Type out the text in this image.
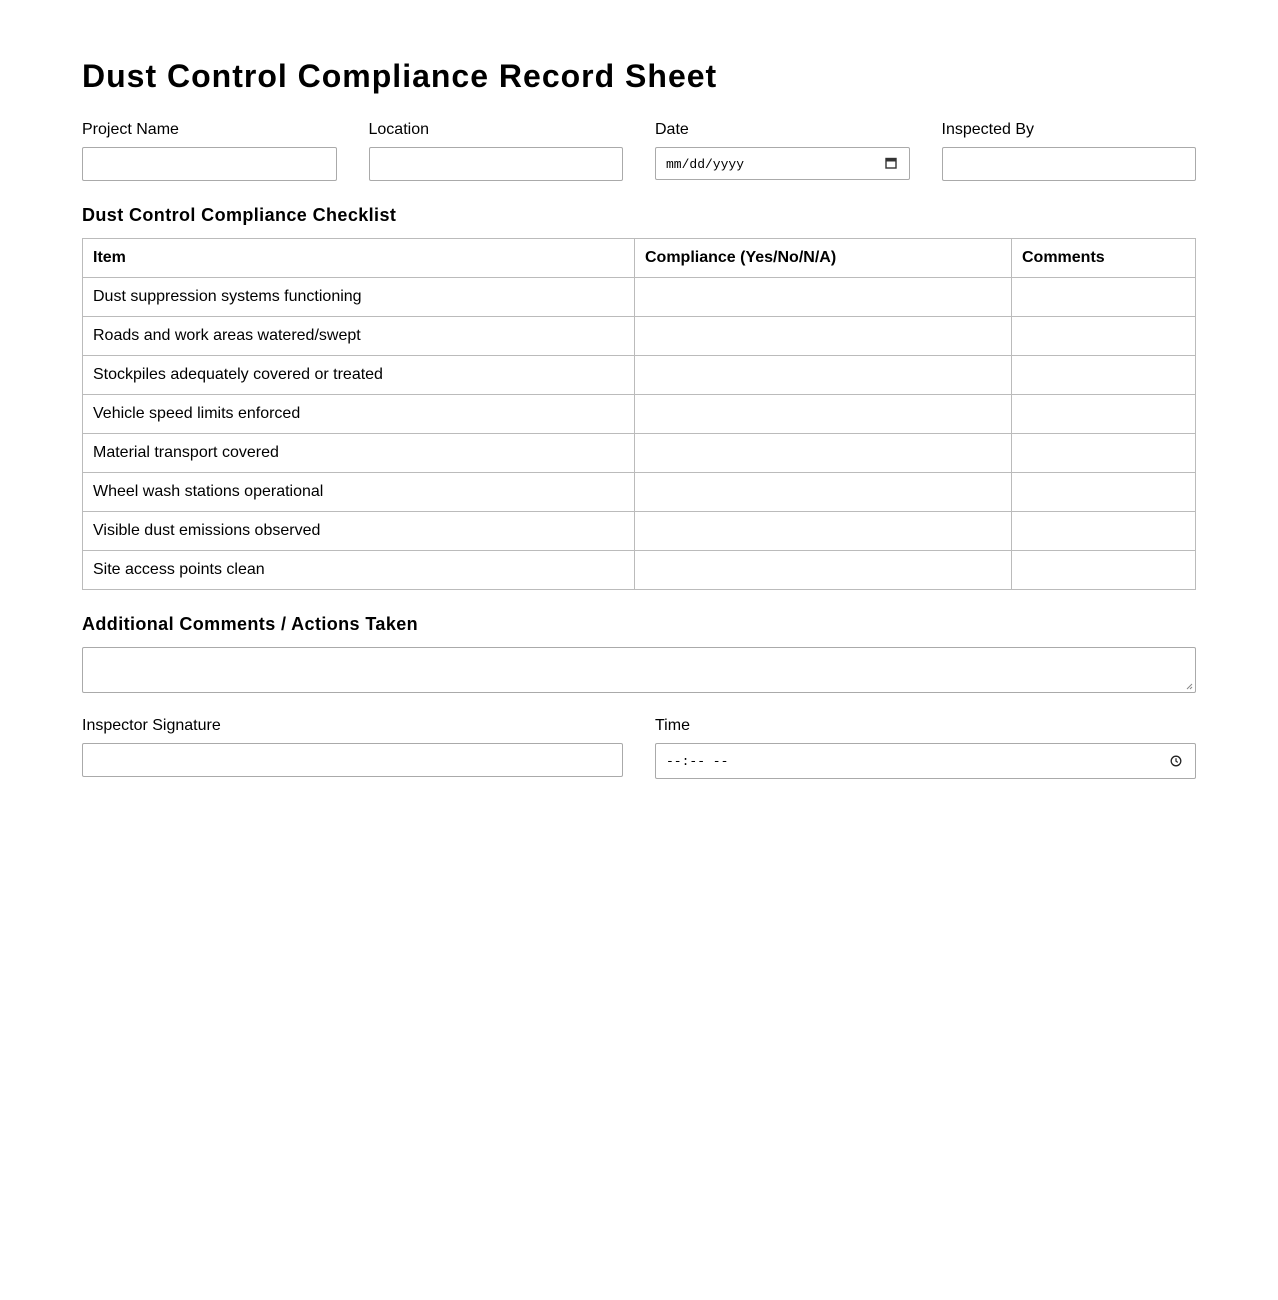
Dust Control Compliance Record Sheet
Project Name	Location	Date
mm/dd/yyyy
Inspected By
Dust Control Compliance Checklist
Item	Compliance (Yes/No/N/A)	Comments
Dust suppression systems functioning		
Roads and work areas watered/swept		
Stockpiles adequately covered or treated		
Vehicle speed limits enforced		
Material transport covered		
Wheel wash stations operational		
Visible dust emissions observed		
Site access points clean		
Additional Comments / Actions Taken
Inspector Signature	Time
--:-- --
